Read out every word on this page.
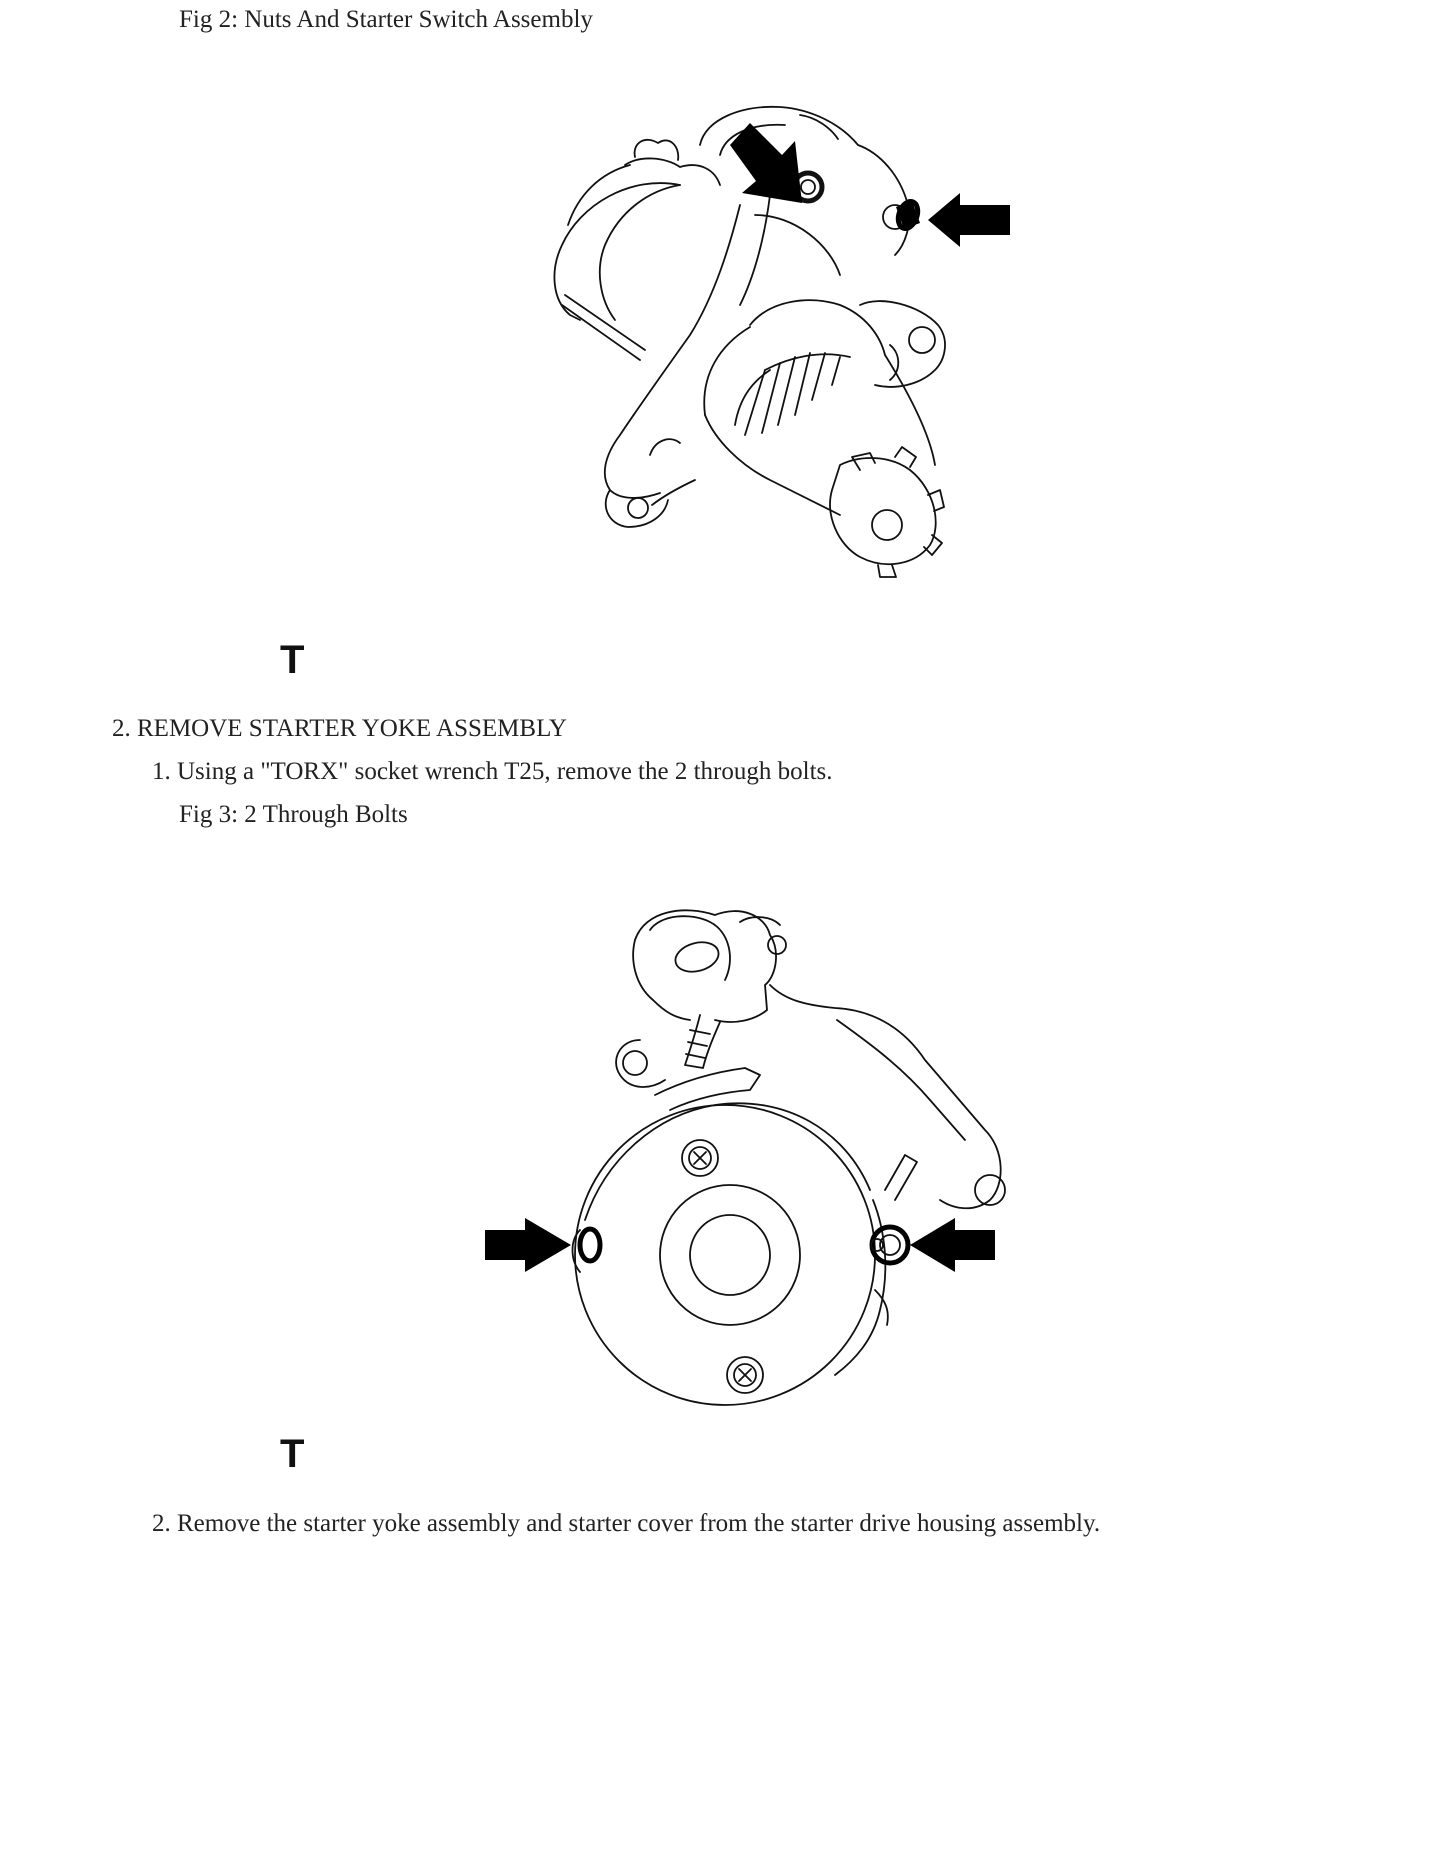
Fig 2: Nuts And Starter Switch Assembly
T
2. REMOVE STARTER YOKE ASSEMBLY
1. Using a "TORX" socket wrench T25, remove the 2 through bolts.
Fig 3: 2 Through Bolts
T
2. Remove the starter yoke assembly and starter cover from the starter drive housing assembly.
